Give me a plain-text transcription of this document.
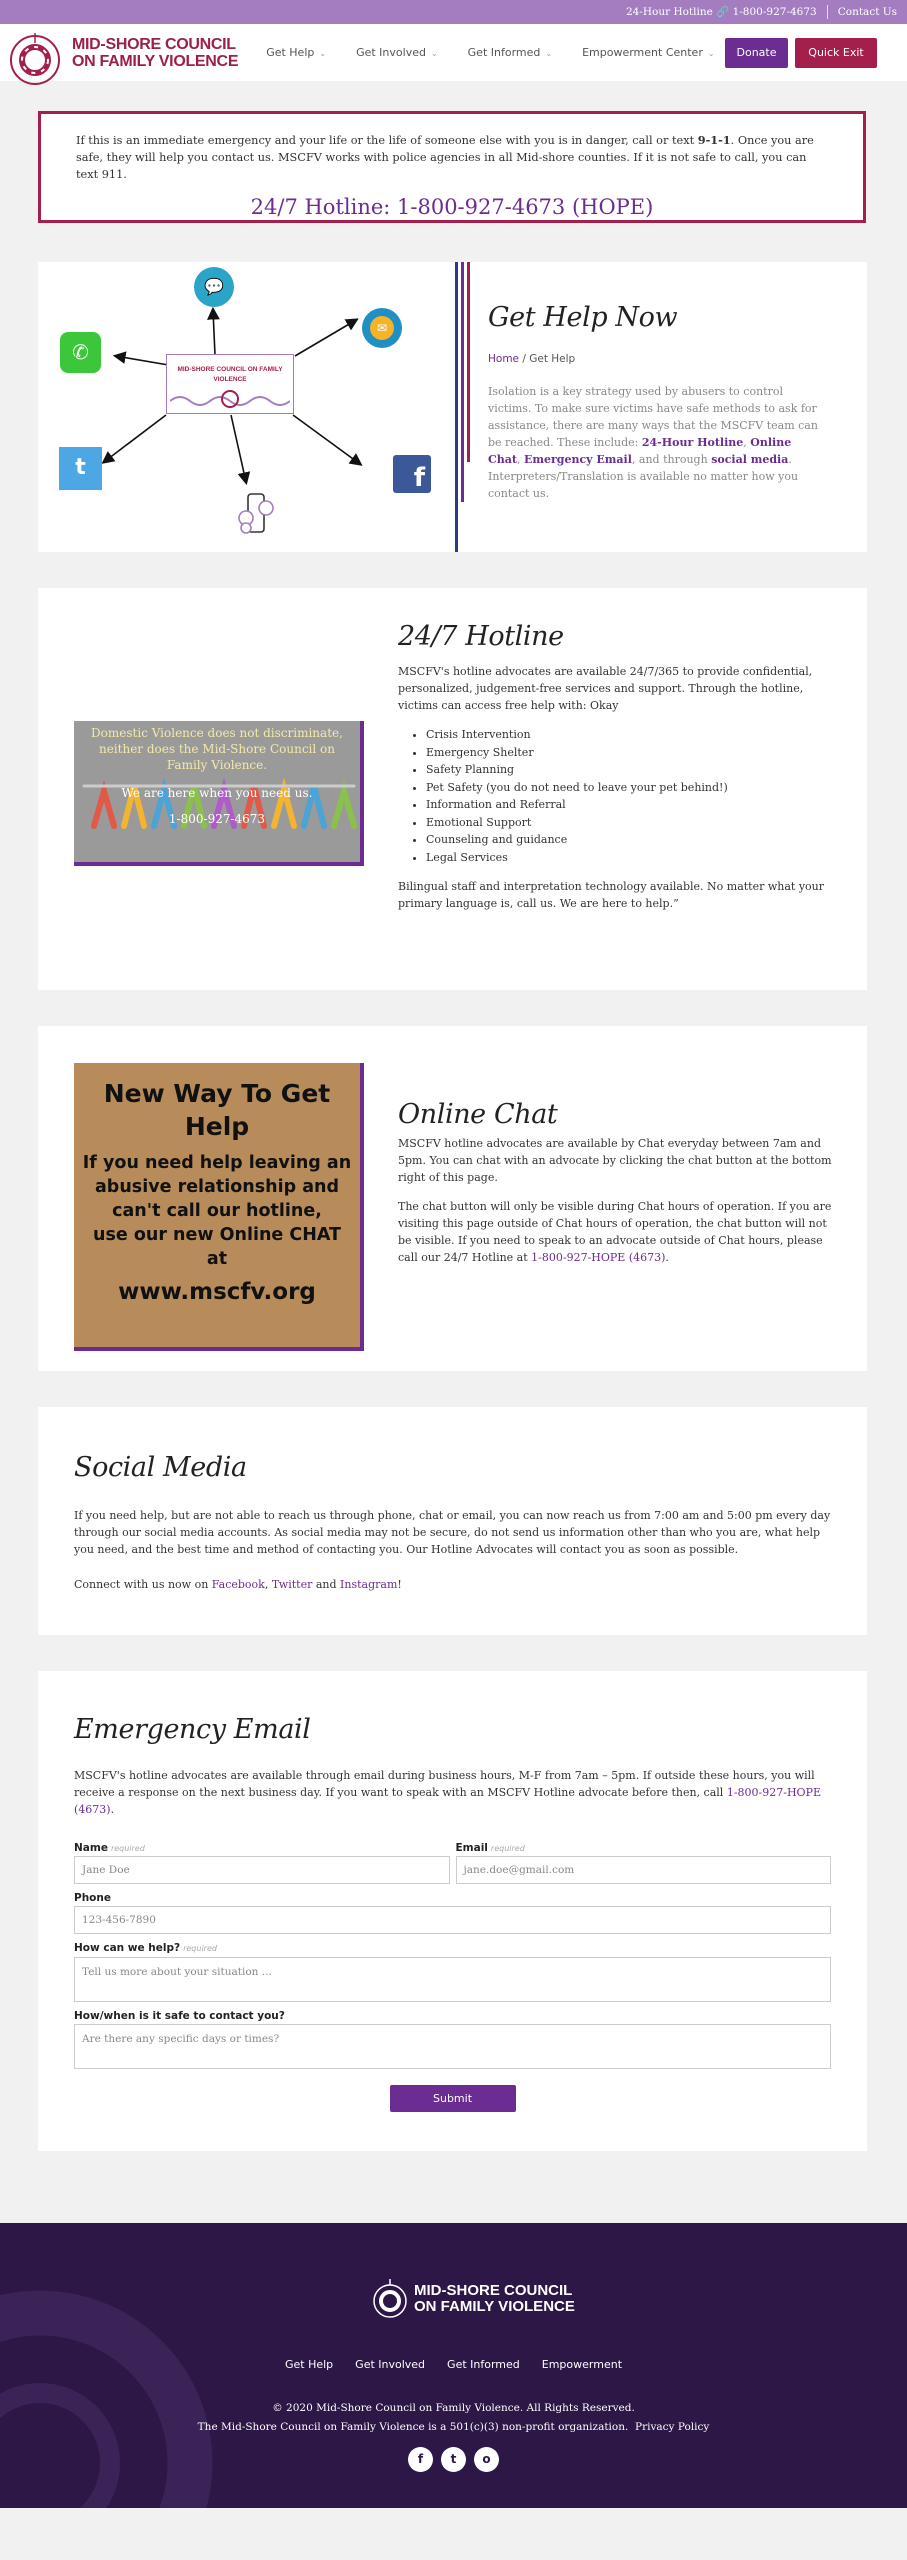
24-Hour Hotline 🔗 1-800-927-4673 Contact Us
MID-SHORE COUNCIL
ON FAMILY VIOLENCE
Get Help ⌄	Get Involved ⌄	Get Informed ⌄	Empowerment Center ⌄	Donate	Quick Exit
If this is an immediate emergency and your life or the life of someone else with you is in danger, call or text 9-1-1. Once you are safe, they will help you contact us. MSCFV works with police agencies in all Mid-shore counties. If it is not safe to call, you can text 911.
24/7 Hotline: 1-800-927-4673 (HOPE)
MID-SHORE COUNCIL ON FAMILY VIOLENCE
💬
✆
✉
t	f
Get Help Now
Home / Get Help

Isolation is a key strategy used by abusers to control victims. To make sure victims have safe methods to ask for assistance, there are many ways that the MSCFV team can be reached. These include: 24-Hour Hotline, Online Chat, Emergency Email, and through social media. Interpreters/Translation is available no matter how you contact us.

Domestic Violence does not discriminate,
neither does the Mid-Shore Council on
Family Violence.
We are here when you need us.
1-800-927-4673
24/7 Hotline

MSCFV's hotline advocates are available 24/7/365 to provide confidential, personalized, judgement-free services and support. Through the hotline, victims can access free help with: Okay

• Crisis Intervention
• Emergency Shelter
• Safety Planning
• Pet Safety (you do not need to leave your pet behind!)
• Information and Referral
• Emotional Support
• Counseling and guidance
• Legal Services

Bilingual staff and interpretation technology available. No matter what your primary language is, call us. We are here to help.”

New Way To Get
Help
If you need help leaving an
abusive relationship and
can't call our hotline,
use our new Online CHAT
at
www.mscfv.org
Online Chat

MSCFV hotline advocates are available by Chat everyday between 7am and 5pm. You can chat with an advocate by clicking the chat button at the bottom right of this page.

The chat button will only be visible during Chat hours of operation. If you are visiting this page outside of Chat hours of operation, the chat button will not be visible. If you need to speak to an advocate outside of Chat hours, please call our 24/7 Hotline at 1-800-927-HOPE (4673).

Social Media

If you need help, but are not able to reach us through phone, chat or email, you can now reach us from 7:00 am and 5:00 pm every day through our social media accounts. As social media may not be secure, do not send us information other than who you are, what help you need, and the best time and method of contacting you. Our Hotline Advocates will contact you as soon as possible.

Connect with us now on Facebook, Twitter and Instagram!

Emergency Email

MSCFV's hotline advocates are available through email during business hours, M-F from 7am – 5pm. If outside these hours, you will receive a response on the next business day. If you want to speak with an MSCFV Hotline advocate before then, call 1-800-927-HOPE (4673).

Name required
Jane Doe
Email required
jane.doe@gmail.com
Phone
123-456-7890
How can we help? required
Tell us more about your situation ...
How/when is it safe to contact you?
Are there any specific days or times?
Submit
MID-SHORE COUNCIL
ON FAMILY VIOLENCE
Get Help Get Involved Get Informed Empowerment
© 2020 Mid-Shore Council on Family Violence. All Rights Reserved.
The Mid-Shore Council on Family Violence is a 501(c)(3) non-profit organization. Privacy Policy
f	t	o
